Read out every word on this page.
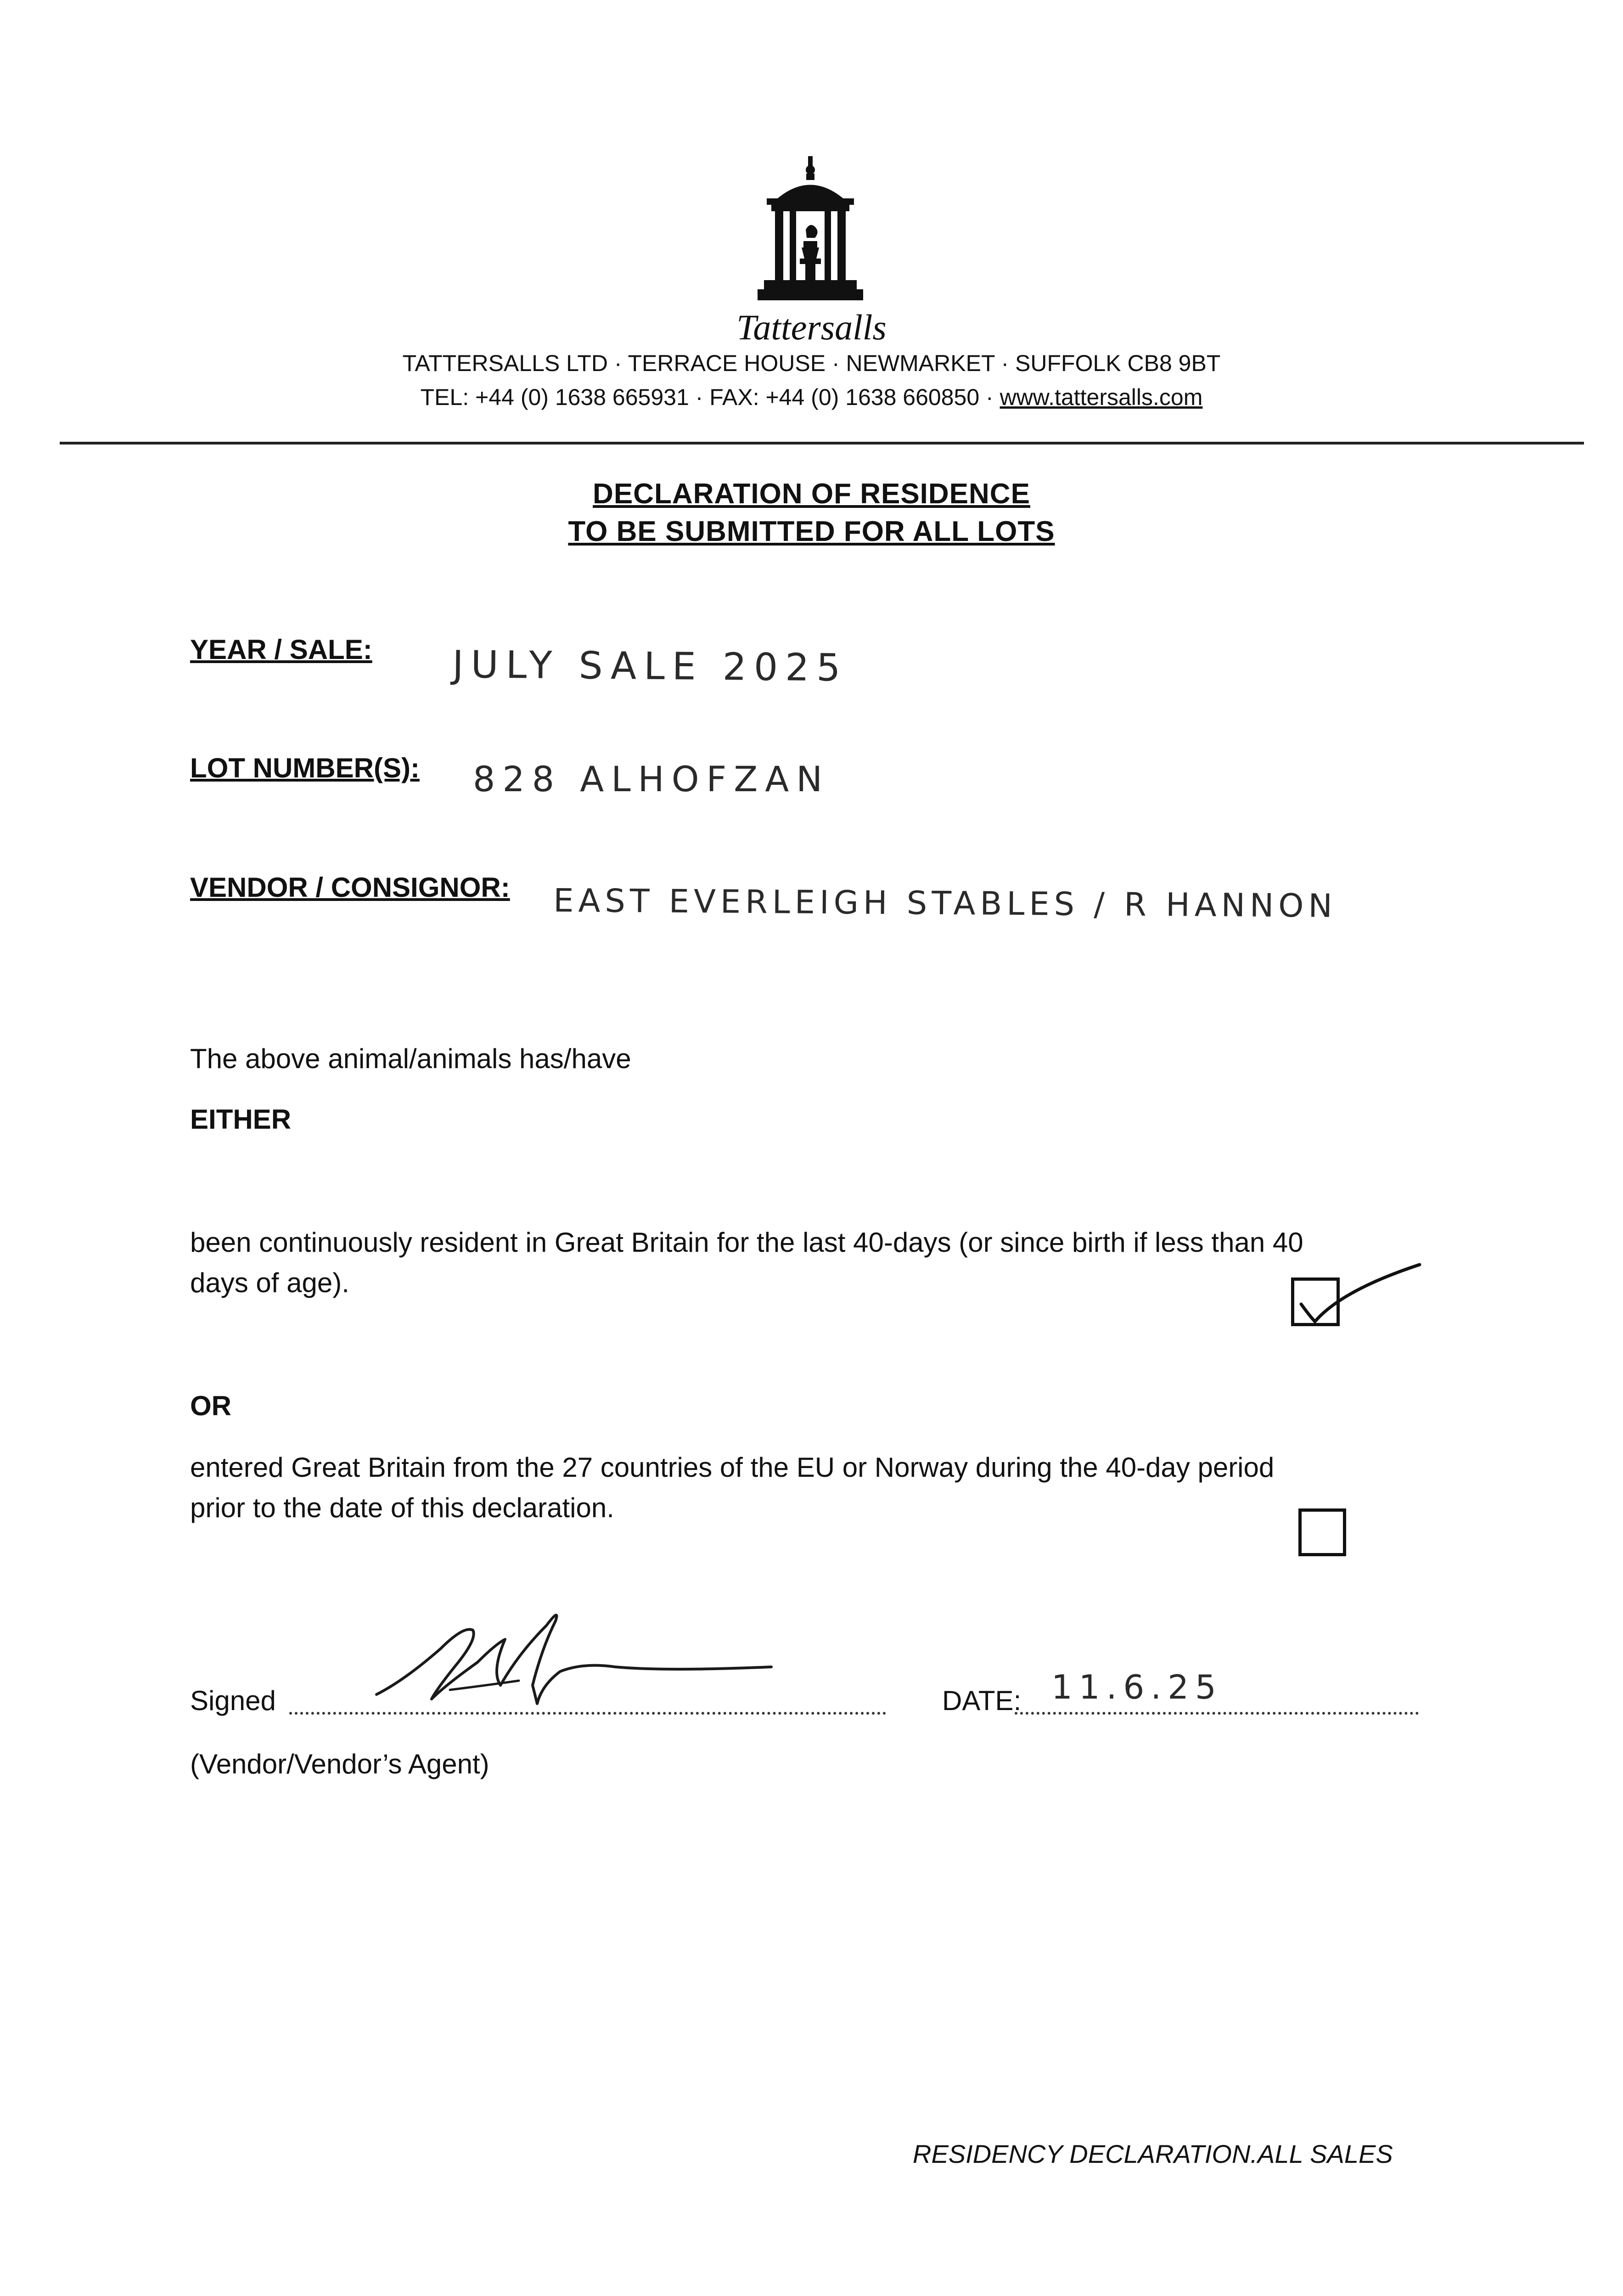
Tattersalls
TATTERSALLS LTD · TERRACE HOUSE · NEWMARKET · SUFFOLK CB8 9BT
TEL: +44 (0) 1638 665931 · FAX: +44 (0) 1638 660850 · www.tattersalls.com
DECLARATION OF RESIDENCE
TO BE SUBMITTED FOR ALL LOTS
YEAR / SALE: JULY SALE 2025
LOT NUMBER(S): 828 ALHOFZAN
VENDOR / CONSIGNOR: EAST EVERLEIGH STABLES / R HANNON
The above animal/animals has/have
EITHER
been continuously resident in Great Britain for the last 40-days (or since birth if less than 40
days of age).
OR
entered Great Britain from the 27 countries of the EU or Norway during the 40-day period
prior to the date of this declaration.
Signed	DATE: 11.6.25
(Vendor/Vendor’s Agent)
RESIDENCY DECLARATION.ALL SALES
